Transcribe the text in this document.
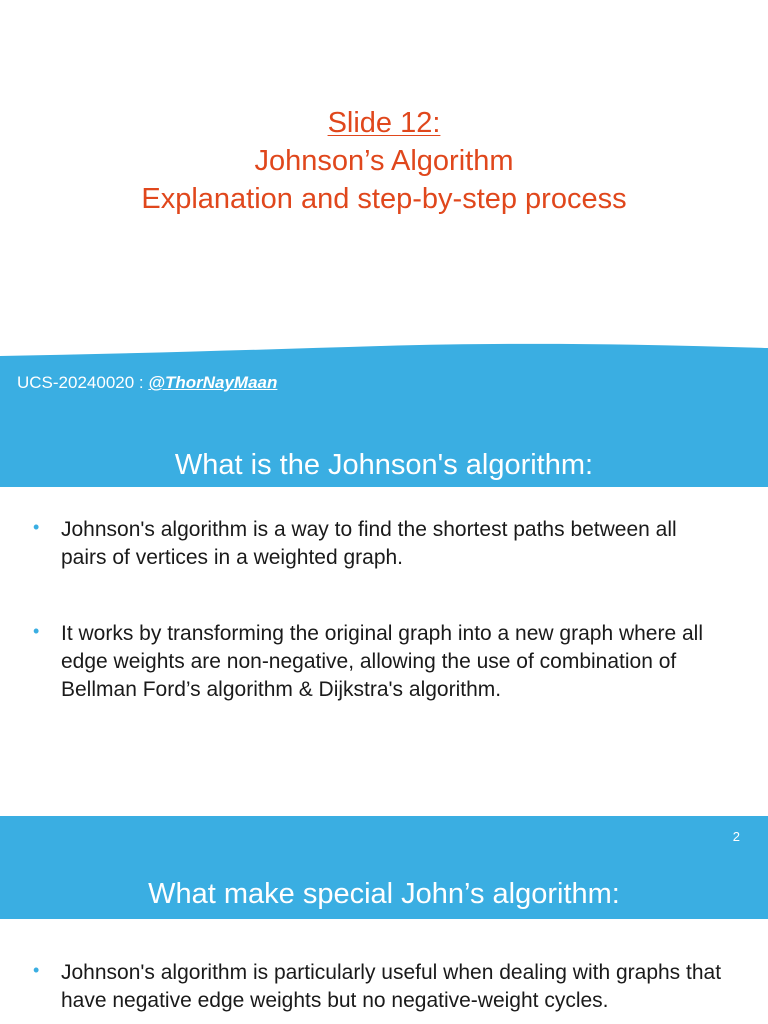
Slide 12:
Johnson’s Algorithm
Explanation and step-by-step process
UCS-20240020 : @ThorNayMaan
What is the Johnson's algorithm:
• Johnson's algorithm is a way to find the shortest paths between all pairs of vertices in a weighted graph.
• It works by transforming the original graph into a new graph where all edge weights are non-negative, allowing the use of combination of Bellman Ford’s algorithm & Dijkstra's algorithm.
2
What make special John’s algorithm:
• Johnson's algorithm is particularly useful when dealing with graphs that have negative edge weights but no negative-weight cycles.
